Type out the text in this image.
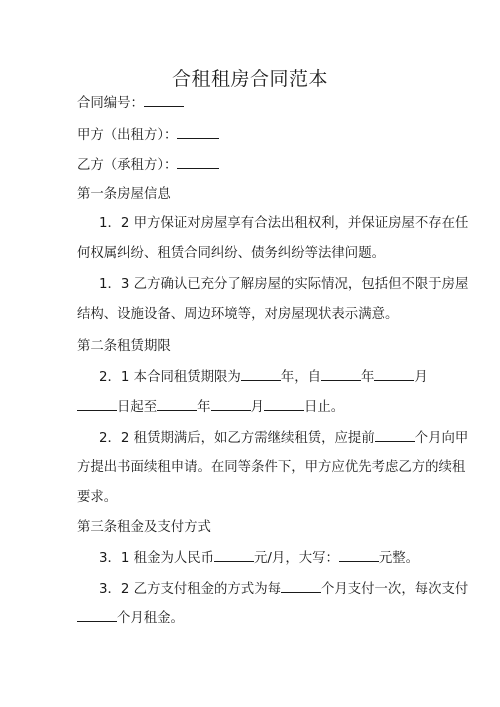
合租租房合同范本
合同编号：
甲方（出租方）：
乙方（承租方）：
第一条房屋信息
1．2 甲方保证对房屋享有合法出租权利，并保证房屋不存在任
何权属纠纷、租赁合同纠纷、债务纠纷等法律问题。
1．3 乙方确认已充分了解房屋的实际情况，包括但不限于房屋
结构、设施设备、周边环境等，对房屋现状表示满意。
第二条租赁期限
2．1 本合同租赁期限为	年，自	年	月
日起至	年	月	日止。
2．2 租赁期满后，如乙方需继续租赁，应提前	个月向甲
方提出书面续租申请。在同等条件下，甲方应优先考虑乙方的续租
要求。
第三条租金及支付方式
3．1 租金为人民币	元/月，大写：	元整。
3．2 乙方支付租金的方式为每	个月支付一次，每次支付
个月租金。
